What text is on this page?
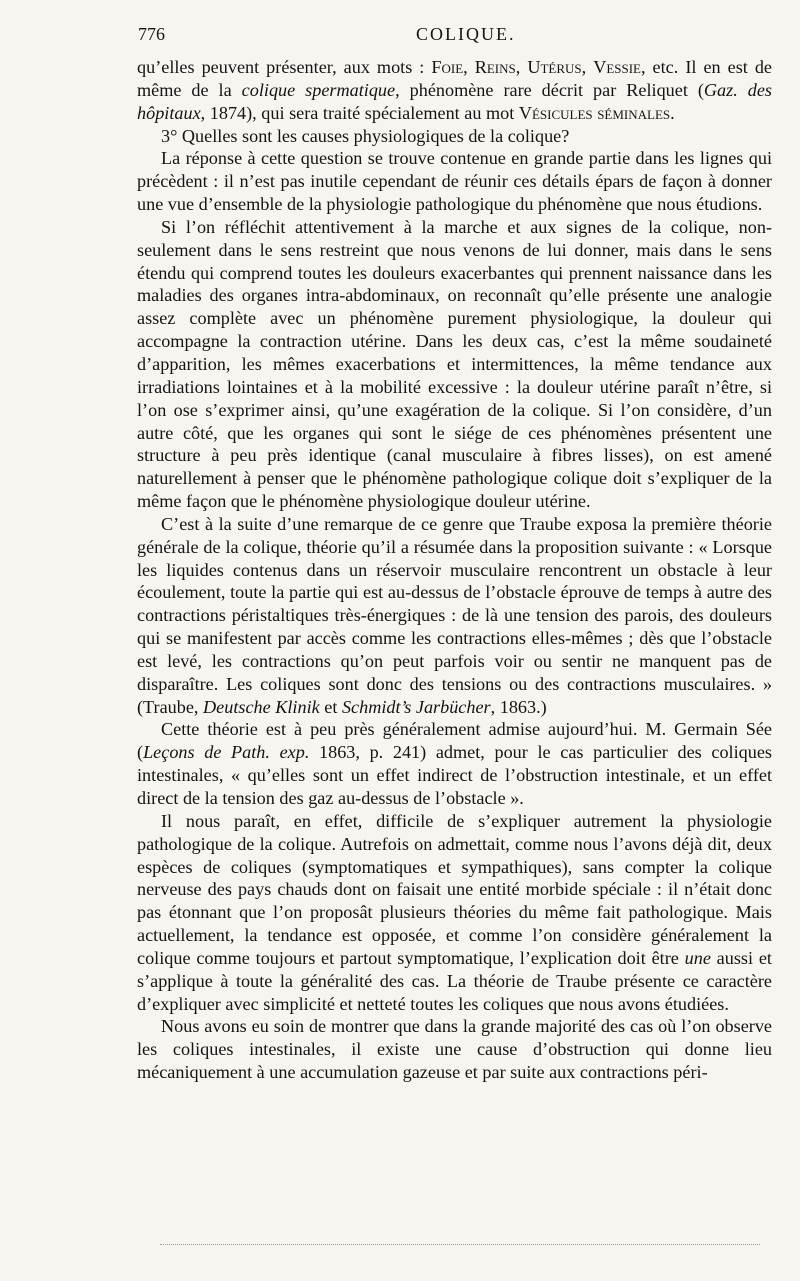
776	COLIQUE.

qu’elles peuvent présenter, aux mots : Foie, Reins, Utérus, Vessie, etc. Il en est de même de la colique spermatique, phénomène rare décrit par Reliquet (Gaz. des hôpitaux, 1874), qui sera traité spécialement au mot Vésicules séminales.

3° Quelles sont les causes physiologiques de la colique?

La réponse à cette question se trouve contenue en grande partie dans les lignes qui précèdent : il n’est pas inutile cependant de réunir ces détails épars de façon à donner une vue d’ensemble de la physiologie pathologique du phénomène que nous étudions.

Si l’on réfléchit attentivement à la marche et aux signes de la colique, non-seulement dans le sens restreint que nous venons de lui donner, mais dans le sens étendu qui comprend toutes les douleurs exacerbantes qui prennent naissance dans les maladies des organes intra-abdominaux, on reconnaît qu’elle présente une analogie assez complète avec un phénomène purement physiologique, la douleur qui accompagne la contraction utérine. Dans les deux cas, c’est la même soudaineté d’apparition, les mêmes exacerbations et intermittences, la même tendance aux irradiations lointaines et à la mobilité excessive : la douleur utérine paraît n’être, si l’on ose s’exprimer ainsi, qu’une exagération de la colique. Si l’on considère, d’un autre côté, que les organes qui sont le siége de ces phénomènes présentent une structure à peu près identique (canal musculaire à fibres lisses), on est amené naturellement à penser que le phénomène pathologique colique doit s’expliquer de la même façon que le phénomène physiologique douleur utérine.

C’est à la suite d’une remarque de ce genre que Traube exposa la première théorie générale de la colique, théorie qu’il a résumée dans la proposition suivante : « Lorsque les liquides contenus dans un réservoir musculaire rencontrent un obstacle à leur écoulement, toute la partie qui est au-dessus de l’obstacle éprouve de temps à autre des contractions péristaltiques très-énergiques : de là une tension des parois, des douleurs qui se manifestent par accès comme les contractions elles-mêmes ; dès que l’obstacle est levé, les contractions qu’on peut parfois voir ou sentir ne manquent pas de disparaître. Les coliques sont donc des tensions ou des contractions musculaires. » (Traube, Deutsche Klinik et Schmidt’s Jarbücher, 1863.)

Cette théorie est à peu près généralement admise aujourd’hui. M. Germain Sée (Leçons de Path. exp. 1863, p. 241) admet, pour le cas particulier des coliques intestinales, « qu’elles sont un effet indirect de l’obstruction intestinale, et un effet direct de la tension des gaz au-dessus de l’obstacle ».

Il nous paraît, en effet, difficile de s’expliquer autrement la physiologie pathologique de la colique. Autrefois on admettait, comme nous l’avons déjà dit, deux espèces de coliques (symptomatiques et sympathiques), sans compter la colique nerveuse des pays chauds dont on faisait une entité morbide spéciale : il n’était donc pas étonnant que l’on proposât plusieurs théories du même fait pathologique. Mais actuellement, la tendance est opposée, et comme l’on considère généralement la colique comme toujours et partout symptomatique, l’explication doit être une aussi et s’applique à toute la généralité des cas. La théorie de Traube présente ce caractère d’expliquer avec simplicité et netteté toutes les coliques que nous avons étudiées.

Nous avons eu soin de montrer que dans la grande majorité des cas où l’on observe les coliques intestinales, il existe une cause d’obstruction qui donne lieu mécaniquement à une accumulation gazeuse et par suite aux contractions péri-
